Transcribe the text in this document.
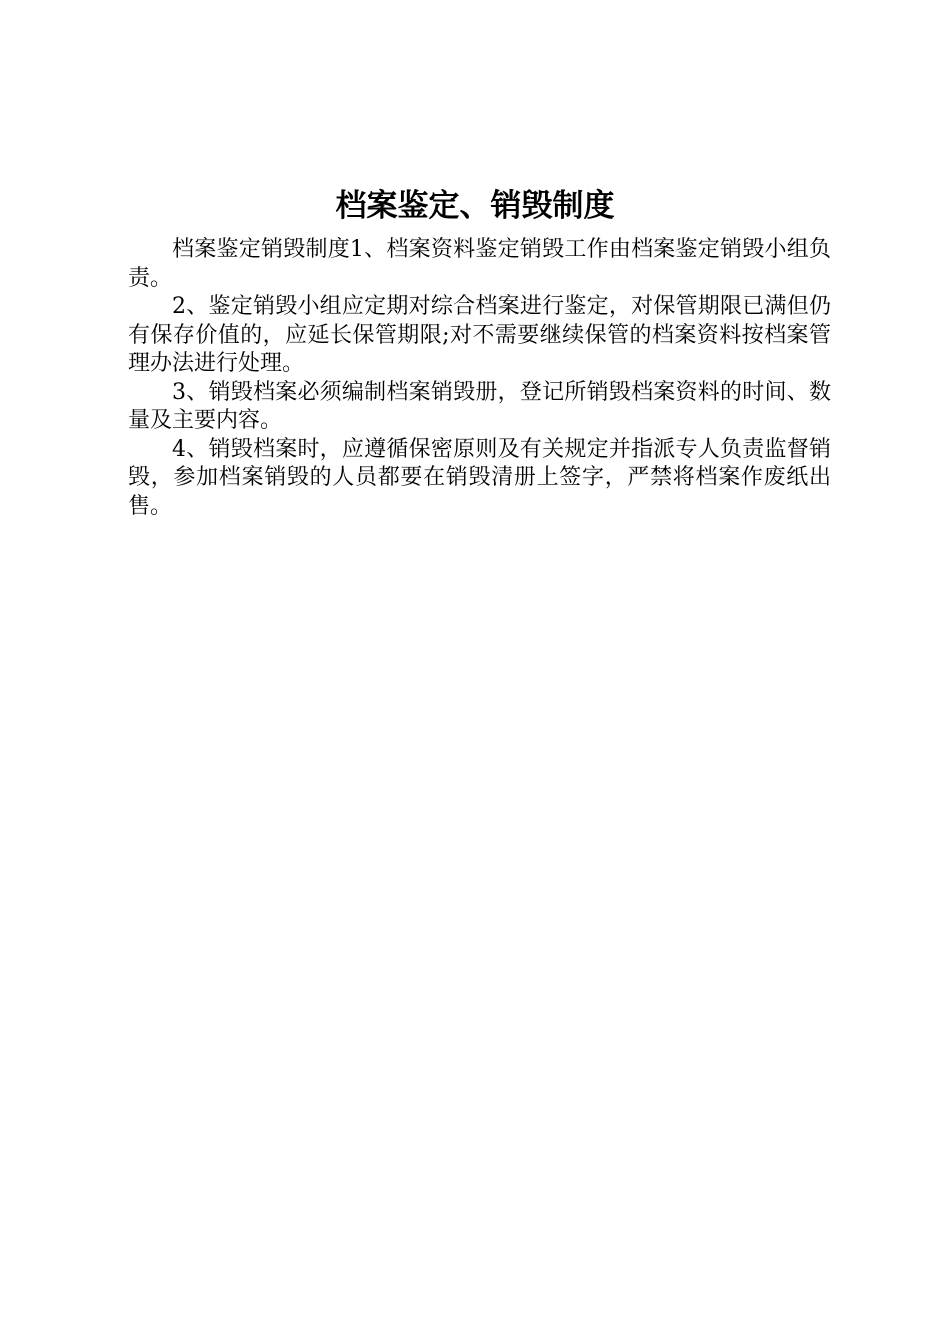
档案鉴定、销毁制度

档案鉴定销毁制度1、档案资料鉴定销毁工作由档案鉴定销毁小组负责。

2、鉴定销毁小组应定期对综合档案进行鉴定，对保管期限已满但仍有保存价值的，应延长保管期限;对不需要继续保管的档案资料按档案管理办法进行处理。

3、销毁档案必须编制档案销毁册，登记所销毁档案资料的时间、数量及主要内容。

4、销毁档案时，应遵循保密原则及有关规定并指派专人负责监督销毁，参加档案销毁的人员都要在销毁清册上签字，严禁将档案作废纸出售。
